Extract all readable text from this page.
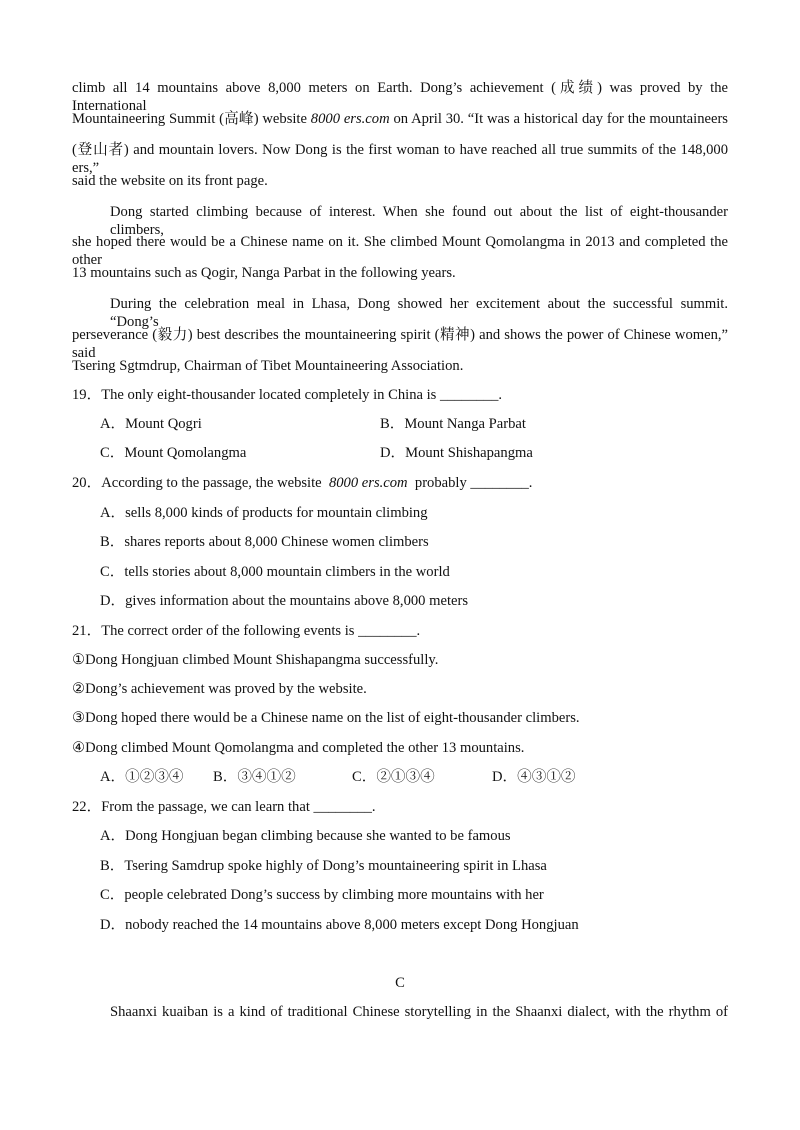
climb all 14 mountains above 8,000 meters on Earth. Dong’s achievement (成绩) was proved by the International
Mountaineering Summit (高峰) website 8000 ers.com on April 30. “It was a historical day for the mountaineers
(登山者) and mountain lovers. Now Dong is the first woman to have reached all true summits of the 148,000 ers,”
said the website on its front page.
Dong started climbing because of interest. When she found out about the list of eight-thousander climbers,
she hoped there would be a Chinese name on it. She climbed Mount Qomolangma in 2013 and completed the other
13 mountains such as Qogir, Nanga Parbat in the following years.
During the celebration meal in Lhasa, Dong showed her excitement about the successful summit. “Dong’s
perseverance (毅力) best describes the mountaineering spirit (精神) and shows the power of Chinese women,” said
Tsering Sgtmdrup, Chairman of Tibet Mountaineering Association.
19．The only eight-thousander located completely in China is ________.
A．Mount Qogri	B．Mount Nanga Parbat
C．Mount Qomolangma	D．Mount Shishapangma
20．According to the passage, the website  8000 ers.com  probably ________.
A．sells 8,000 kinds of products for mountain climbing
B．shares reports about 8,000 Chinese women climbers
C．tells stories about 8,000 mountain climbers in the world
D．gives information about the mountains above 8,000 meters
21．The correct order of the following events is ________.
①Dong Hongjuan climbed Mount Shishapangma successfully.
②Dong’s achievement was proved by the website.
③Dong hoped there would be a Chinese name on the list of eight-thousander climbers.
④Dong climbed Mount Qomolangma and completed the other 13 mountains.
A．①②③④ B．③④①②	C．②①③④	D．④③①②
22．From the passage, we can learn that ________.
A．Dong Hongjuan began climbing because she wanted to be famous
B．Tsering Samdrup spoke highly of Dong’s mountaineering spirit in Lhasa
C．people celebrated Dong’s success by climbing more mountains with her
D．nobody reached the 14 mountains above 8,000 meters except Dong Hongjuan
C
Shaanxi kuaiban is a kind of traditional Chinese storytelling in the Shaanxi dialect, with the rhythm of
